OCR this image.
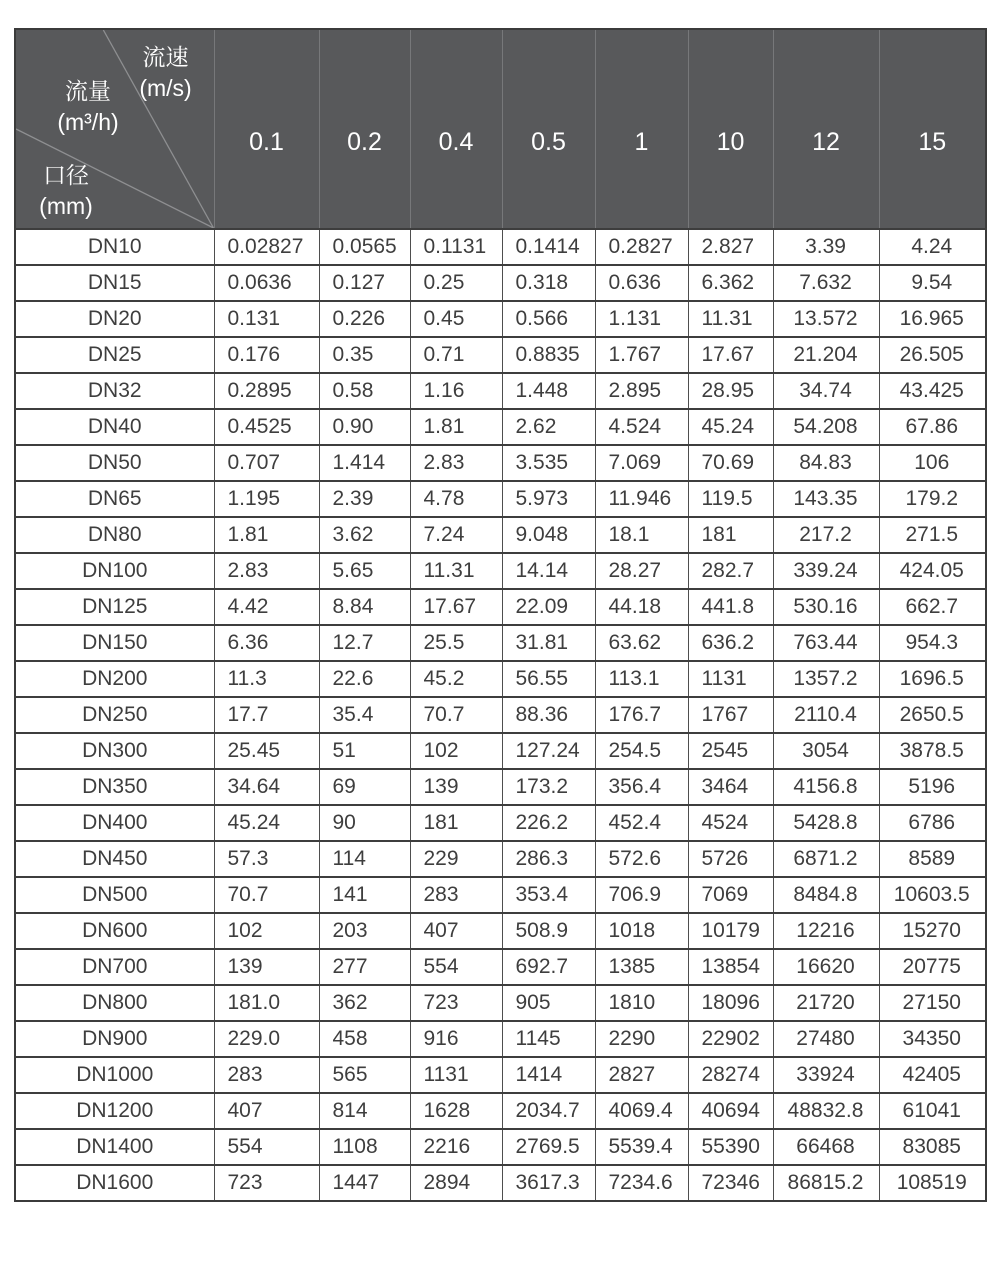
流速
(m/s)
流量
(m³/h)
口径
(mm)
	0.1	0.2	0.4	0.5	1	10	12	15
DN10	0.02827	0.0565	0.1131	0.1414	0.2827	2.827	3.39	4.24
DN15	0.0636	0.127	0.25	0.318	0.636	6.362	7.632	9.54
DN20	0.131	0.226	0.45	0.566	1.131	11.31	13.572	16.965
DN25	0.176	0.35	0.71	0.8835	1.767	17.67	21.204	26.505
DN32	0.2895	0.58	1.16	1.448	2.895	28.95	34.74	43.425
DN40	0.4525	0.90	1.81	2.62	4.524	45.24	54.208	67.86
DN50	0.707	1.414	2.83	3.535	7.069	70.69	84.83	106
DN65	1.195	2.39	4.78	5.973	11.946	119.5	143.35	179.2
DN80	1.81	3.62	7.24	9.048	18.1	181	217.2	271.5
DN100	2.83	5.65	11.31	14.14	28.27	282.7	339.24	424.05
DN125	4.42	8.84	17.67	22.09	44.18	441.8	530.16	662.7
DN150	6.36	12.7	25.5	31.81	63.62	636.2	763.44	954.3
DN200	11.3	22.6	45.2	56.55	113.1	1131	1357.2	1696.5
DN250	17.7	35.4	70.7	88.36	176.7	1767	2110.4	2650.5
DN300	25.45	51	102	127.24	254.5	2545	3054	3878.5
DN350	34.64	69	139	173.2	356.4	3464	4156.8	5196
DN400	45.24	90	181	226.2	452.4	4524	5428.8	6786
DN450	57.3	114	229	286.3	572.6	5726	6871.2	8589
DN500	70.7	141	283	353.4	706.9	7069	8484.8	10603.5
DN600	102	203	407	508.9	1018	10179	12216	15270
DN700	139	277	554	692.7	1385	13854	16620	20775
DN800	181.0	362	723	905	1810	18096	21720	27150
DN900	229.0	458	916	1145	2290	22902	27480	34350
DN1000	283	565	1131	1414	2827	28274	33924	42405
DN1200	407	814	1628	2034.7	4069.4	40694	48832.8	61041
DN1400	554	1108	2216	2769.5	5539.4	55390	66468	83085
DN1600	723	1447	2894	3617.3	7234.6	72346	86815.2	108519
